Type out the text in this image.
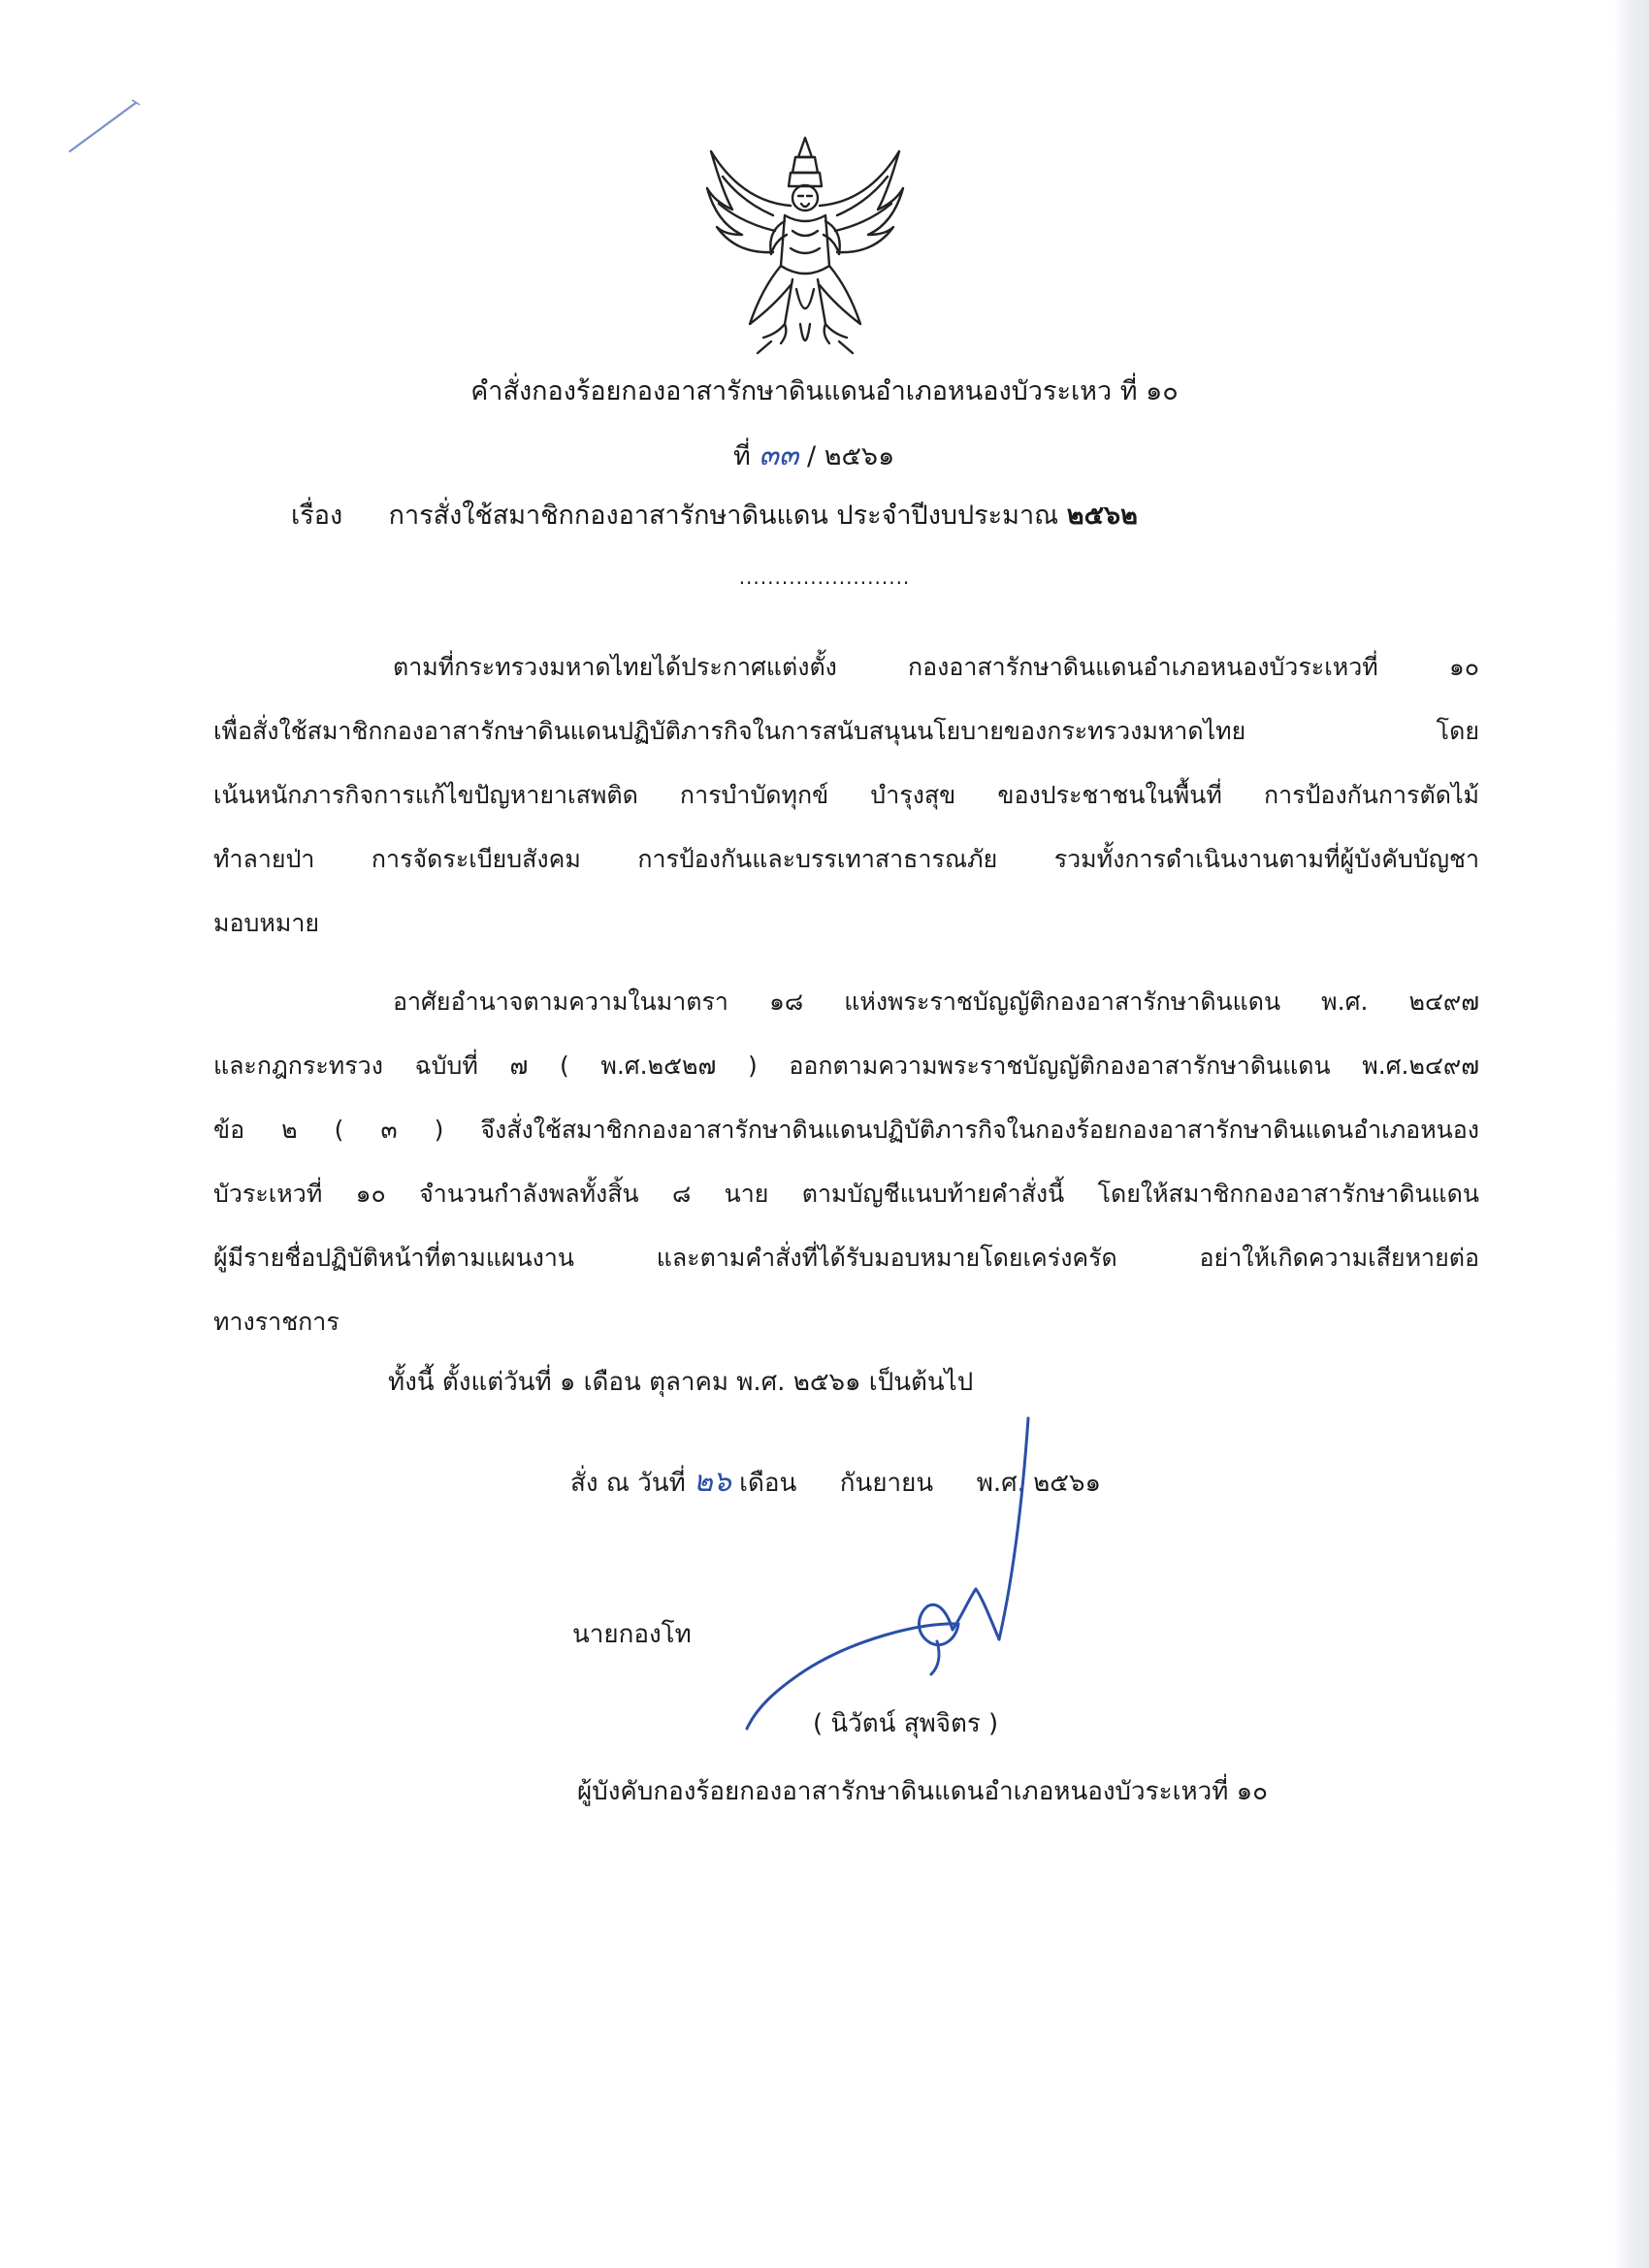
คำสั่งกองร้อยกองอาสารักษาดินแดนอำเภอหนองบัวระเหว ที่ ๑๐
ที่ ๓๓ / ๒๕๖๑
เรื่อง การสั่งใช้สมาชิกกองอาสารักษาดินแดน ประจำปีงบประมาณ ๒๕๖๒
........................
ตามที่กระทรวงมหาดไทยได้ประกาศแต่งตั้ง กองอาสารักษาดินแดนอำเภอหนองบัวระเหวที่ ๑๐
เพื่อสั่งใช้สมาชิกกองอาสารักษาดินแดนปฏิบัติภารกิจในการสนับสนุนนโยบายของกระทรวงมหาดไทย โดย
เน้นหนักภารกิจการแก้ไขปัญหายาเสพติด การบำบัดทุกข์ บำรุงสุข ของประชาชนในพื้นที่ การป้องกันการตัดไม้
ทำลายป่า การจัดระเบียบสังคม การป้องกันและบรรเทาสาธารณภัย รวมทั้งการดำเนินงานตามที่ผู้บังคับบัญชา
มอบหมาย
อาศัยอำนาจตามความในมาตรา ๑๘ แห่งพระราชบัญญัติกองอาสารักษาดินแดน พ.ศ. ๒๔๙๗
และกฎกระทรวง ฉบับที่ ๗ ( พ.ศ.๒๕๒๗ ) ออกตามความพระราชบัญญัติกองอาสารักษาดินแดน พ.ศ.๒๔๙๗
ข้อ ๒ ( ๓ ) จึงสั่งใช้สมาชิกกองอาสารักษาดินแดนปฏิบัติภารกิจในกองร้อยกองอาสารักษาดินแดนอำเภอหนอง
บัวระเหวที่ ๑๐ จำนวนกำลังพลทั้งสิ้น ๘ นาย ตามบัญชีแนบท้ายคำสั่งนี้ โดยให้สมาชิกกองอาสารักษาดินแดน
ผู้มีรายชื่อปฏิบัติหน้าที่ตามแผนงาน และตามคำสั่งที่ได้รับมอบหมายโดยเคร่งครัด อย่าให้เกิดความเสียหายต่อ
ทางราชการ
ทั้งนี้ ตั้งแต่วันที่ ๑ เดือน ตุลาคม พ.ศ. ๒๕๖๑ เป็นต้นไป
สั่ง ณ วันที่ ๒๖ เดือน กันยายน พ.ศ. ๒๕๖๑
นายกองโท
( นิวัตน์ สุพจิตร )
ผู้บังคับกองร้อยกองอาสารักษาดินแดนอำเภอหนองบัวระเหวที่ ๑๐
